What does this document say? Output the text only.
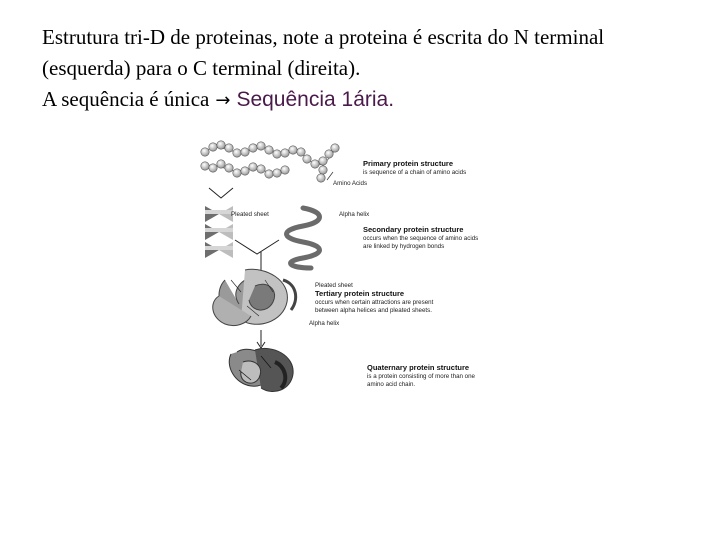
Estrutura tri-D de proteinas, note a proteina é escrita do N terminal
(esquerda) para o C terminal (direita).
A sequência é única → Sequência 1ária.
Primary protein structure
is sequence of a chain of amino acids
Amino Acids
Pleated sheet	Alpha helix
Secondary protein structure
occurs when the sequence of amino acids
are linked by hydrogen bonds
Pleated sheet
Tertiary protein structure
occurs when certain attractions are present
between alpha helices and pleated sheets.
Alpha helix
Quaternary protein structure
is a protein consisting of more than one
amino acid chain.
